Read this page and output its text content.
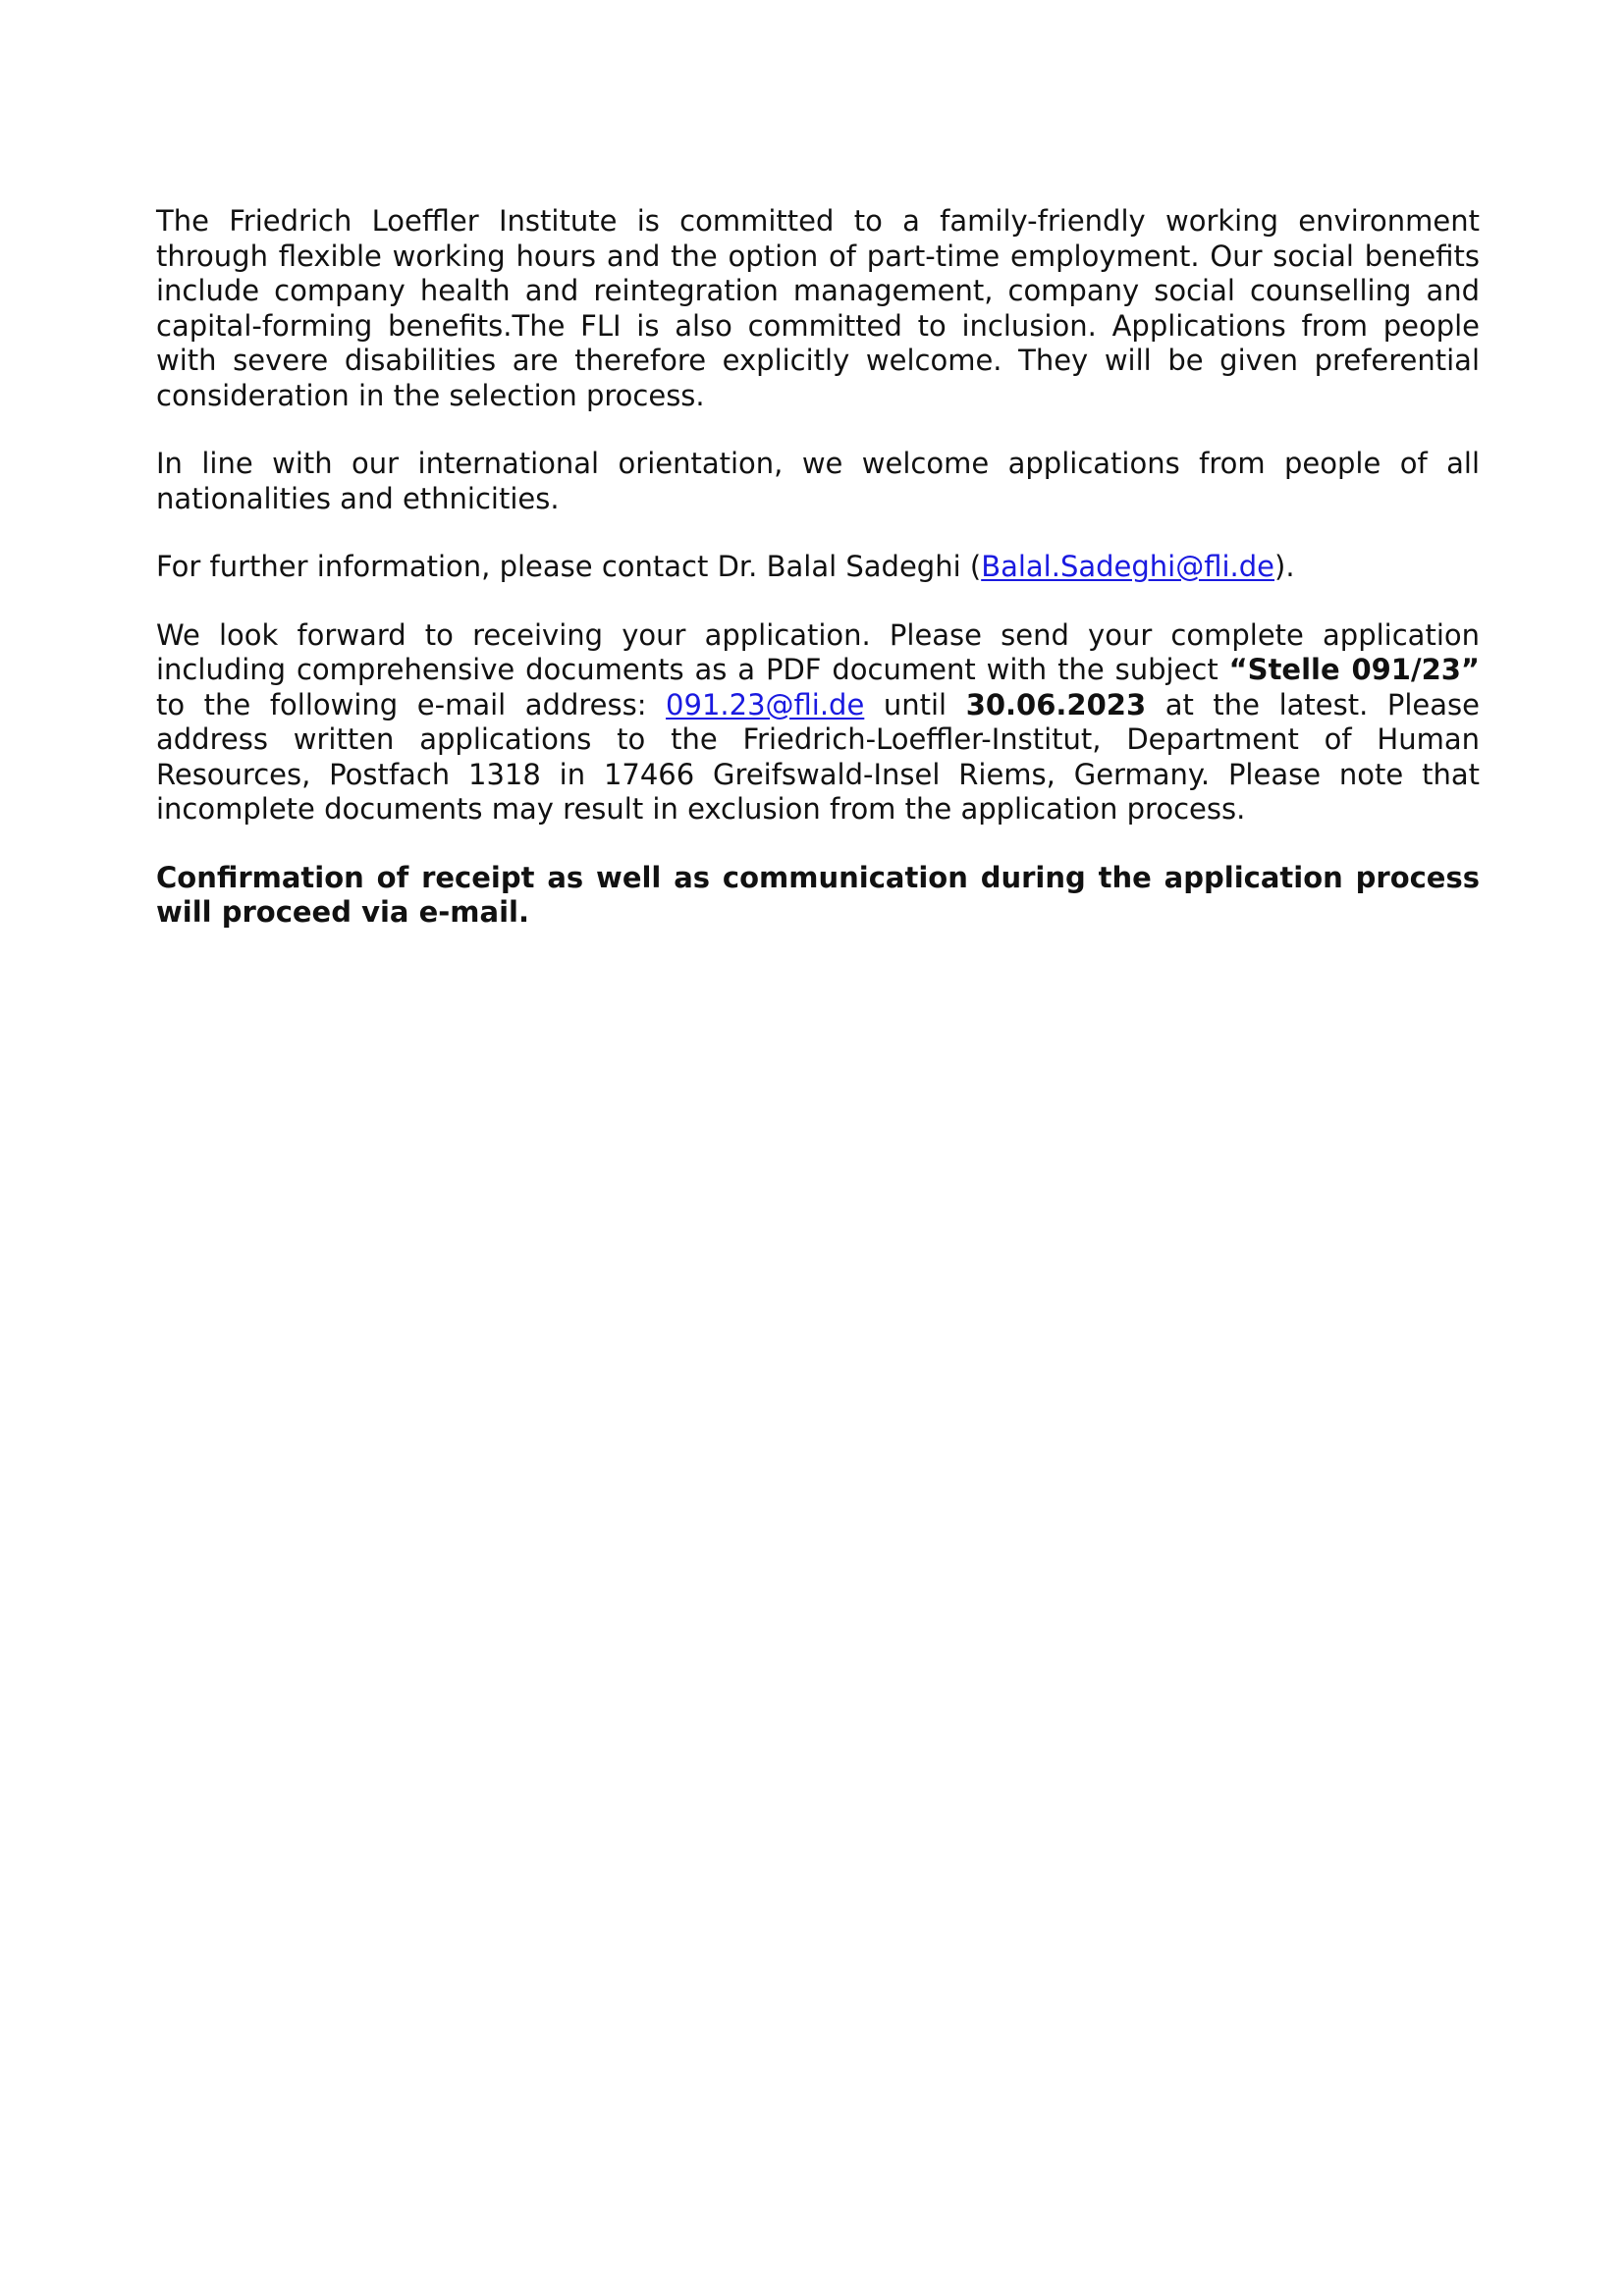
The Friedrich Loeffler Institute is committed to a family-friendly working environment through flexible working hours and the option of part-time employment. Our social benefits include company health and reintegration management, company social counselling and capital-forming benefits.The FLI is also committed to inclusion. Applications from people with severe disabilities are therefore explicitly welcome. They will be given preferential consideration in the selection process.

In line with our international orientation, we welcome applications from people of all nationalities and ethnicities.

For further information, please contact Dr. Balal Sadeghi (Balal.Sadeghi@fli.de).

We look forward to receiving your application. Please send your complete application including comprehensive documents as a PDF document with the subject “Stelle 091/23” to the following e-mail address: 091.23@fli.de until 30.06.2023 at the latest. Please address written applications to the Friedrich-Loeffler-Institut, Department of Human Resources, Postfach 1318 in 17466 Greifswald-Insel Riems, Germany. Please note that incomplete documents may result in exclusion from the application process.

Confirmation of receipt as well as communication during the application process will proceed via e-mail.
